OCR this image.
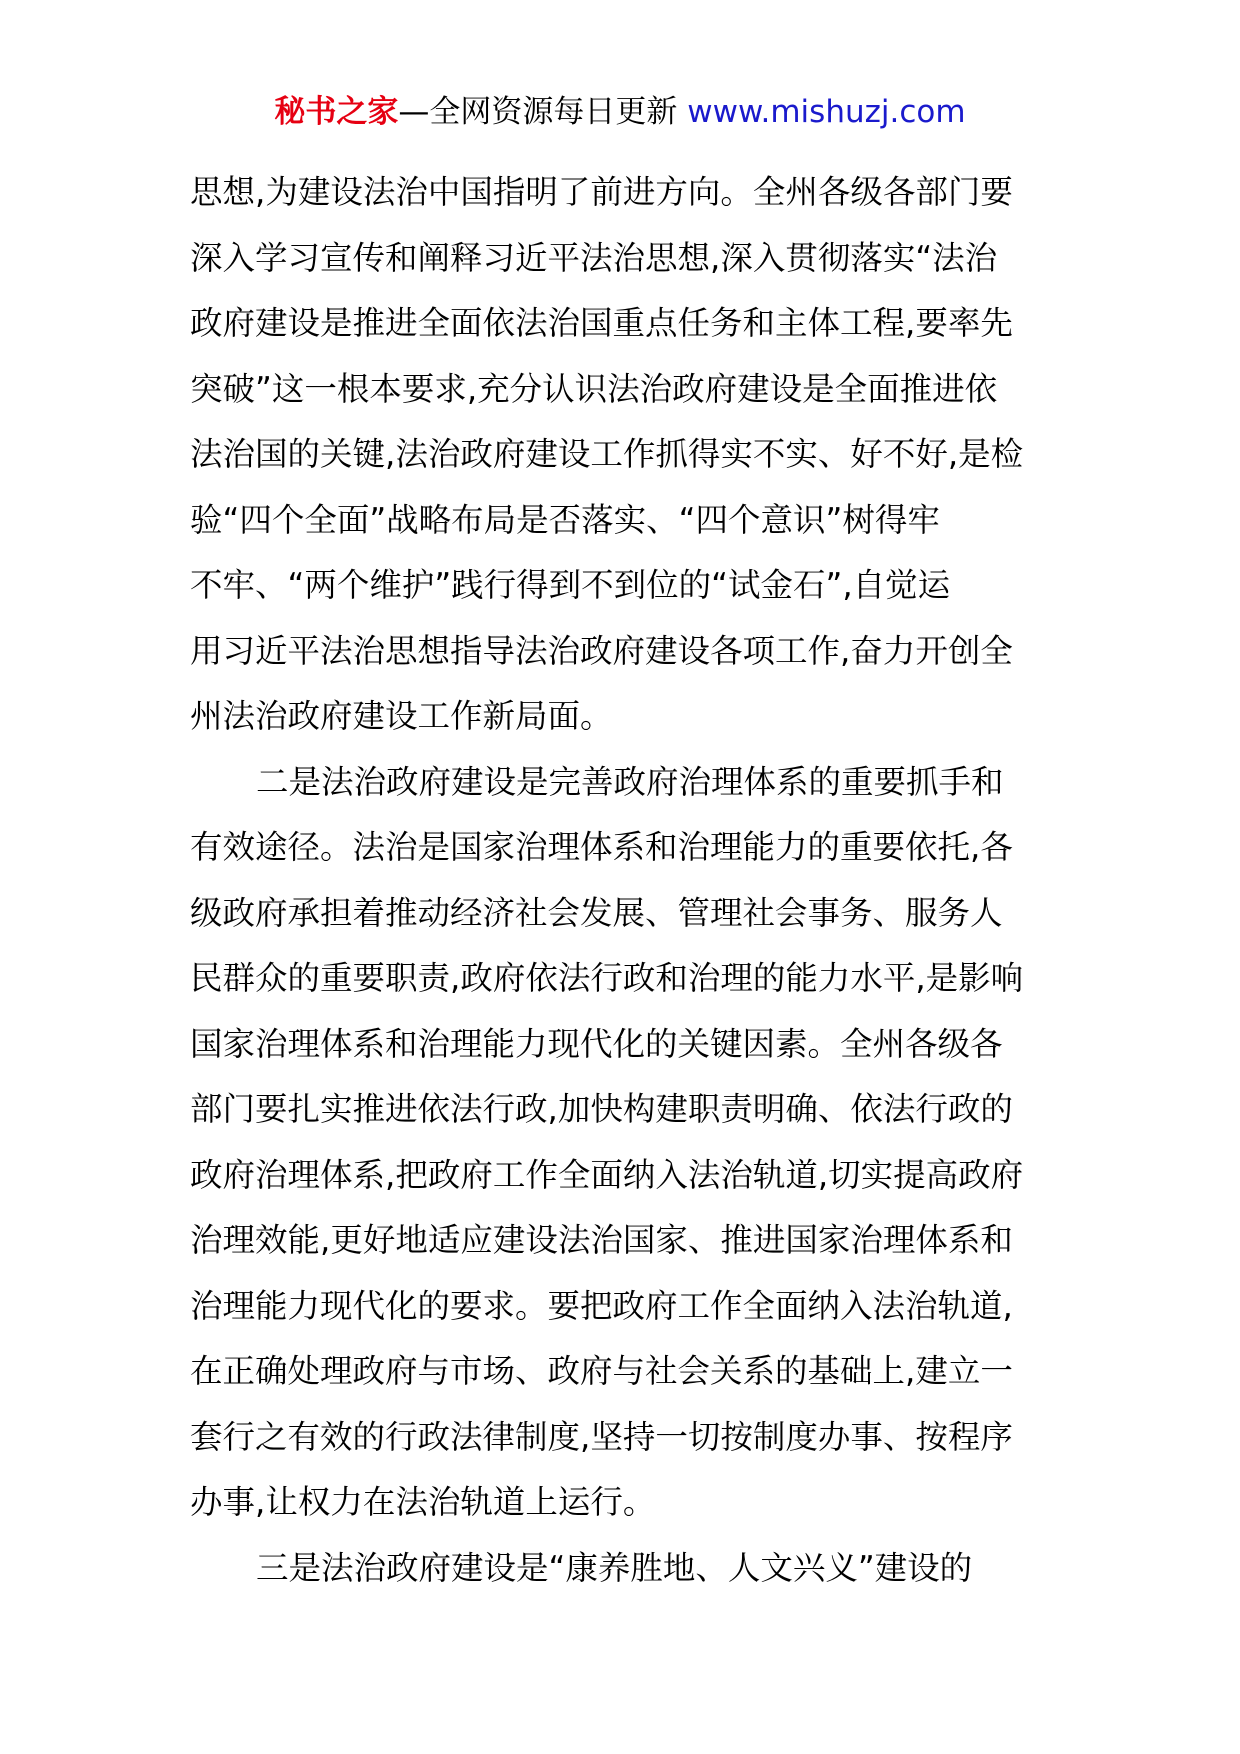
秘书之家—全网资源每日更新 www.mishuzj.com
思想,为建设法治中国指明了前进方向。全州各级各部门要
深入学习宣传和阐释习近平法治思想,深入贯彻落实“法治
政府建设是推进全面依法治国重点任务和主体工程,要率先
突破”这一根本要求,充分认识法治政府建设是全面推进依
法治国的关键,法治政府建设工作抓得实不实、好不好,是检
验“四个全面”战略布局是否落实、“四个意识”树得牢
不牢、“两个维护”践行得到不到位的“试金石”,自觉运
用习近平法治思想指导法治政府建设各项工作,奋力开创全
州法治政府建设工作新局面。
二是法治政府建设是完善政府治理体系的重要抓手和
有效途径。法治是国家治理体系和治理能力的重要依托,各
级政府承担着推动经济社会发展、管理社会事务、服务人
民群众的重要职责,政府依法行政和治理的能力水平,是影响
国家治理体系和治理能力现代化的关键因素。全州各级各
部门要扎实推进依法行政,加快构建职责明确、依法行政的
政府治理体系,把政府工作全面纳入法治轨道,切实提高政府
治理效能,更好地适应建设法治国家、推进国家治理体系和
治理能力现代化的要求。要把政府工作全面纳入法治轨道,
在正确处理政府与市场、政府与社会关系的基础上,建立一
套行之有效的行政法律制度,坚持一切按制度办事、按程序
办事,让权力在法治轨道上运行。
三是法治政府建设是“康养胜地、人文兴义”建设的
